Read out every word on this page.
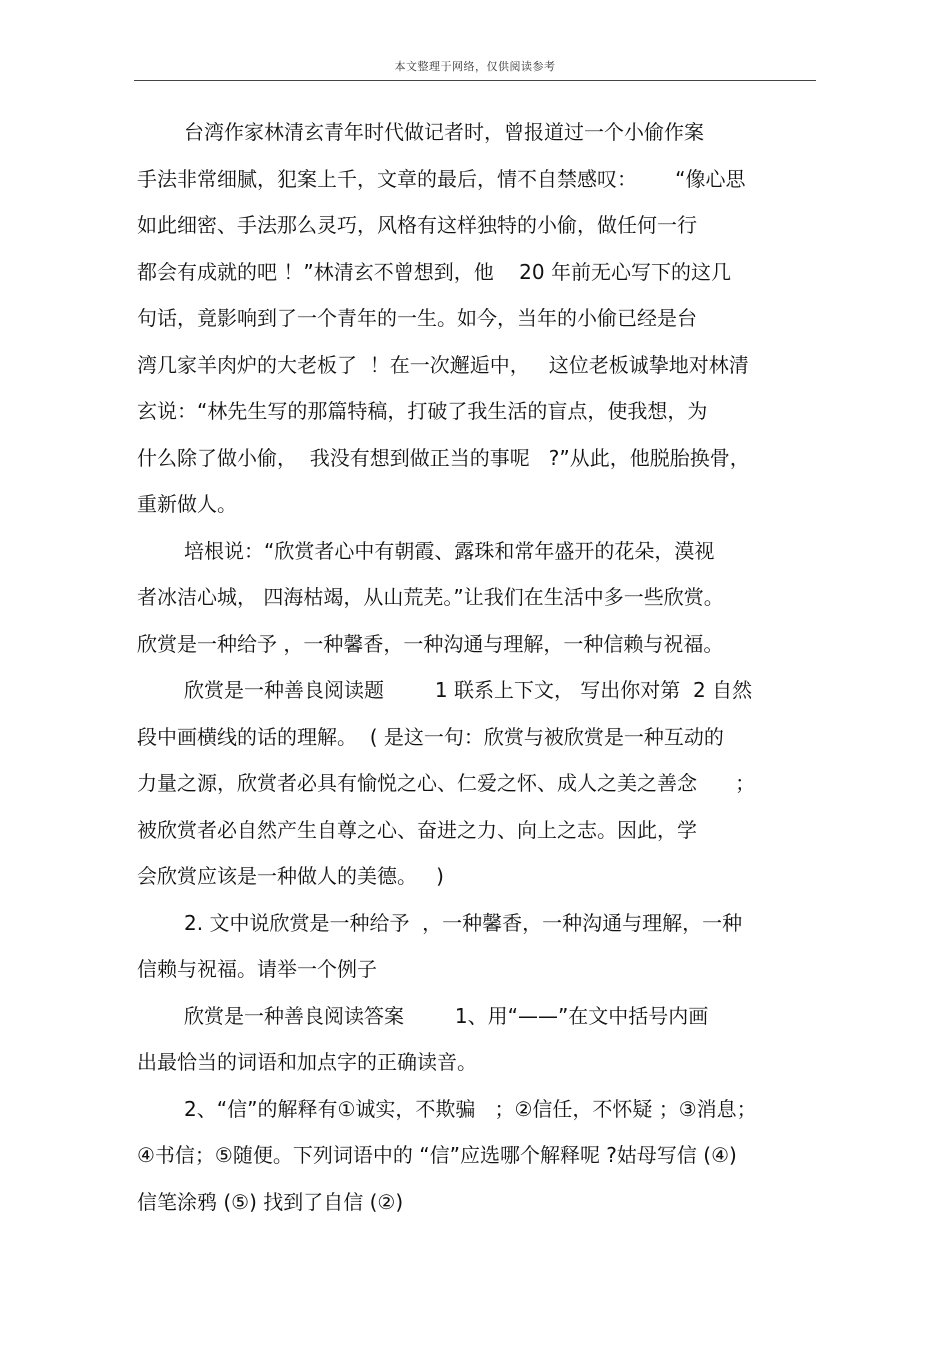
本文整理于网络，仅供阅读参考
台湾作家林清玄青年时代做记者时，曾报道过一个小偷作案
手法非常细腻，犯案上千，文章的最后，情不自禁感叹：      “像心思
如此细密、手法那么灵巧，风格有这样独特的小偷，做任何一行
都会有成就的吧 ！”林清玄不曾想到，他    20 年前无心写下的这几
句话，竟影响到了一个青年的一生。如今，当年的小偷已经是台
湾几家羊肉炉的大老板了  ！在一次邂逅中，   这位老板诚挚地对林清
玄说：“林先生写的那篇特稿，打破了我生活的盲点，使我想，为
什么除了做小偷，  我没有想到做正当的事呢   ?”从此，他脱胎换骨，
重新做人。
培根说：“欣赏者心中有朝霞、露珠和常年盛开的花朵，漠视
者冰洁心城， 四海枯竭，从山荒芜。”让我们在生活中多一些欣赏。
欣赏是一种给予 ，一种馨香，一种沟通与理解，一种信赖与祝福。
欣赏是一种善良阅读题        1 联系上下文， 写出你对第  2 自然
段中画横线的话的理解。  ( 是这一句：欣赏与被欣赏是一种互动的
力量之源，欣赏者必具有愉悦之心、仁爱之怀、成人之美之善念      ；
被欣赏者必自然产生自尊之心、奋进之力、向上之志。因此，学
会欣赏应该是一种做人的美德。   )
2. 文中说欣赏是一种给予  ，一种馨香，一种沟通与理解，一种
信赖与祝福。请举一个例子
欣赏是一种善良阅读答案        1、用“——”在文中括号内画
出最恰当的词语和加点字的正确读音。
2、“信”的解释有①诚实，不欺骗   ；②信任，不怀疑 ；③消息；
④书信；⑤随便。下列词语中的 “信”应选哪个解释呢 ?姑母写信 (④)
信笔涂鸦 (⑤) 找到了自信 (②)
